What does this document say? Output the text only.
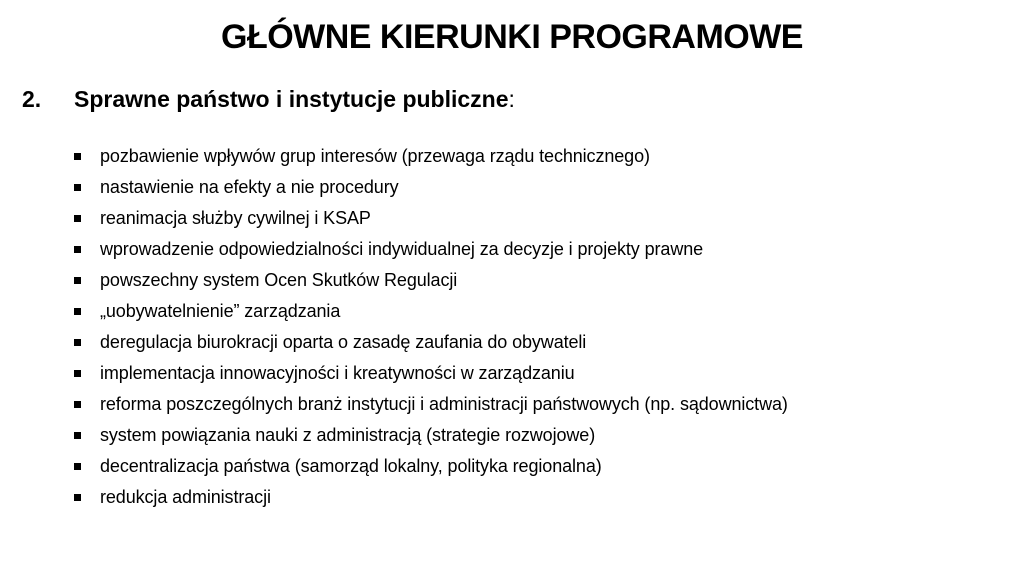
GŁÓWNE KIERUNKI PROGRAMOWE
2.	Sprawne państwo i instytucje publiczne :
pozbawienie wpływów grup interesów (przewaga rządu technicznego)
nastawienie na efekty a nie procedury
reanimacja służby cywilnej i KSAP
wprowadzenie odpowiedzialności indywidualnej za decyzje i projekty prawne
powszechny system Ocen Skutków Regulacji
„uobywatelnienie” zarządzania
deregulacja biurokracji oparta o zasadę zaufania do obywateli
implementacja innowacyjności i kreatywności w zarządzaniu
reforma poszczególnych branż instytucji i administracji państwowych (np. sądownictwa)
system powiązania nauki z administracją (strategie rozwojowe)
decentralizacja państwa (samorząd lokalny, polityka regionalna)
redukcja administracji
